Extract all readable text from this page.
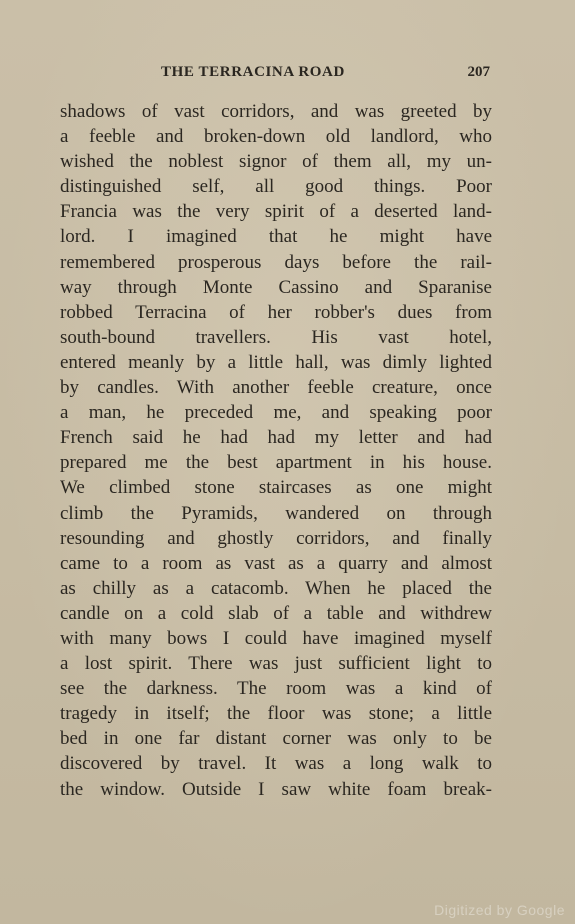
THE TERRACINA ROAD	207
shadows of vast corridors, and was greeted by
a feeble and broken-down old landlord, who
wished the noblest signor of them all, my un-
distinguished self, all good things. Poor
Francia was the very spirit of a deserted land-
lord. I imagined that he might have
remembered prosperous days before the rail-
way through Monte Cassino and Sparanise
robbed Terracina of her robber's dues from
south-bound travellers. His vast hotel,
entered meanly by a little hall, was dimly lighted
by candles. With another feeble creature, once
a man, he preceded me, and speaking poor
French said he had had my letter and had
prepared me the best apartment in his house.
We climbed stone staircases as one might
climb the Pyramids, wandered on through
resounding and ghostly corridors, and finally
came to a room as vast as a quarry and almost
as chilly as a catacomb. When he placed the
candle on a cold slab of a table and withdrew
with many bows I could have imagined myself
a lost spirit. There was just sufficient light to
see the darkness. The room was a kind of
tragedy in itself; the floor was stone; a little
bed in one far distant corner was only to be
discovered by travel. It was a long walk to
the window. Outside I saw white foam break-
Digitized by Google
